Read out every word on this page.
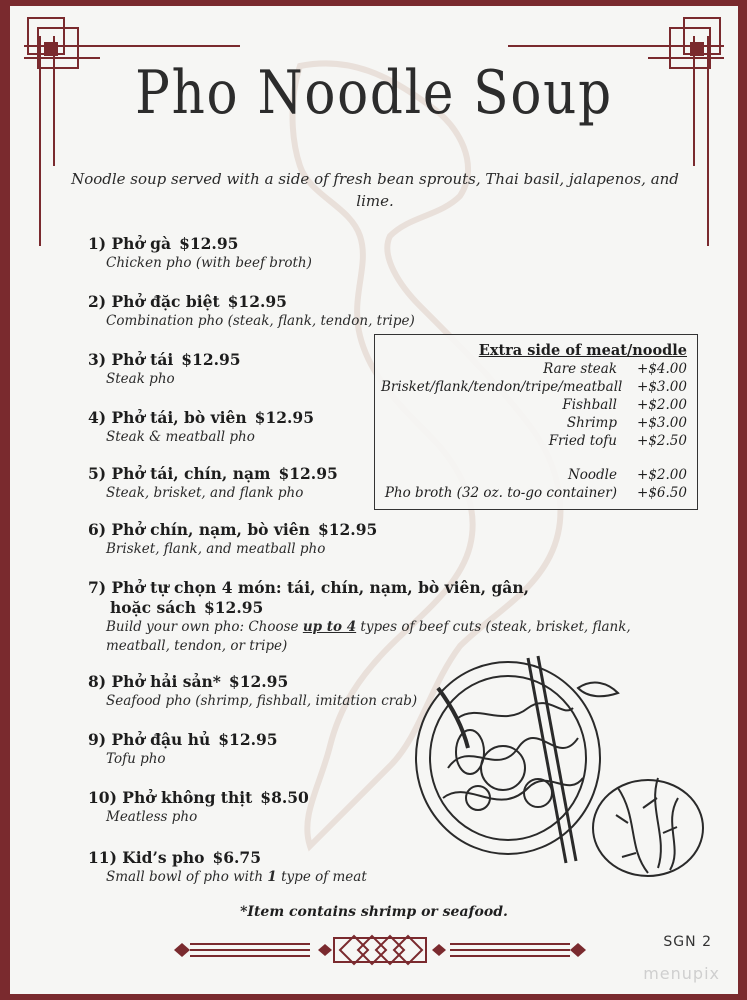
Pho Noodle Soup
Noodle soup served with a side of fresh bean sprouts, Thai basil, jalapenos, and lime.
1) Phở gà $12.95
Chicken pho (with beef broth)
2) Phở đặc biệt $12.95
Combination pho (steak, flank, tendon, tripe)
3) Phở tái $12.95
Steak pho
4) Phở tái, bò viên $12.95
Steak & meatball pho
5) Phở tái, chín, nạm $12.95
Steak, brisket, and flank pho
6) Phở chín, nạm, bò viên $12.95
Brisket, flank, and meatball pho
7) Phở tự chọn 4 món: tái, chín, nạm, bò viên, gân,
hoặc sách $12.95
Build your own pho: Choose up to 4 types of beef cuts (steak, brisket, flank,
meatball, tendon, or tripe)
8) Phở hải sản* $12.95
Seafood pho (shrimp, fishball, imitation crab)
9) Phở đậu hủ $12.95
Tofu pho
10) Phở không thịt $8.50
Meatless pho
11) Kid’s pho $6.75
Small bowl of pho with 1 type of meat
Extra side of meat/noodle
Rare steak	+$4.00
Brisket/flank/tendon/tripe/meatball	+$3.00
Fishball	+$2.00
Shrimp	+$3.00
Fried tofu	+$2.50
Noodle	+$2.00
Pho broth (32 oz. to-go container)	+$6.50
*Item contains shrimp or seafood.
SGN 2
menupix
